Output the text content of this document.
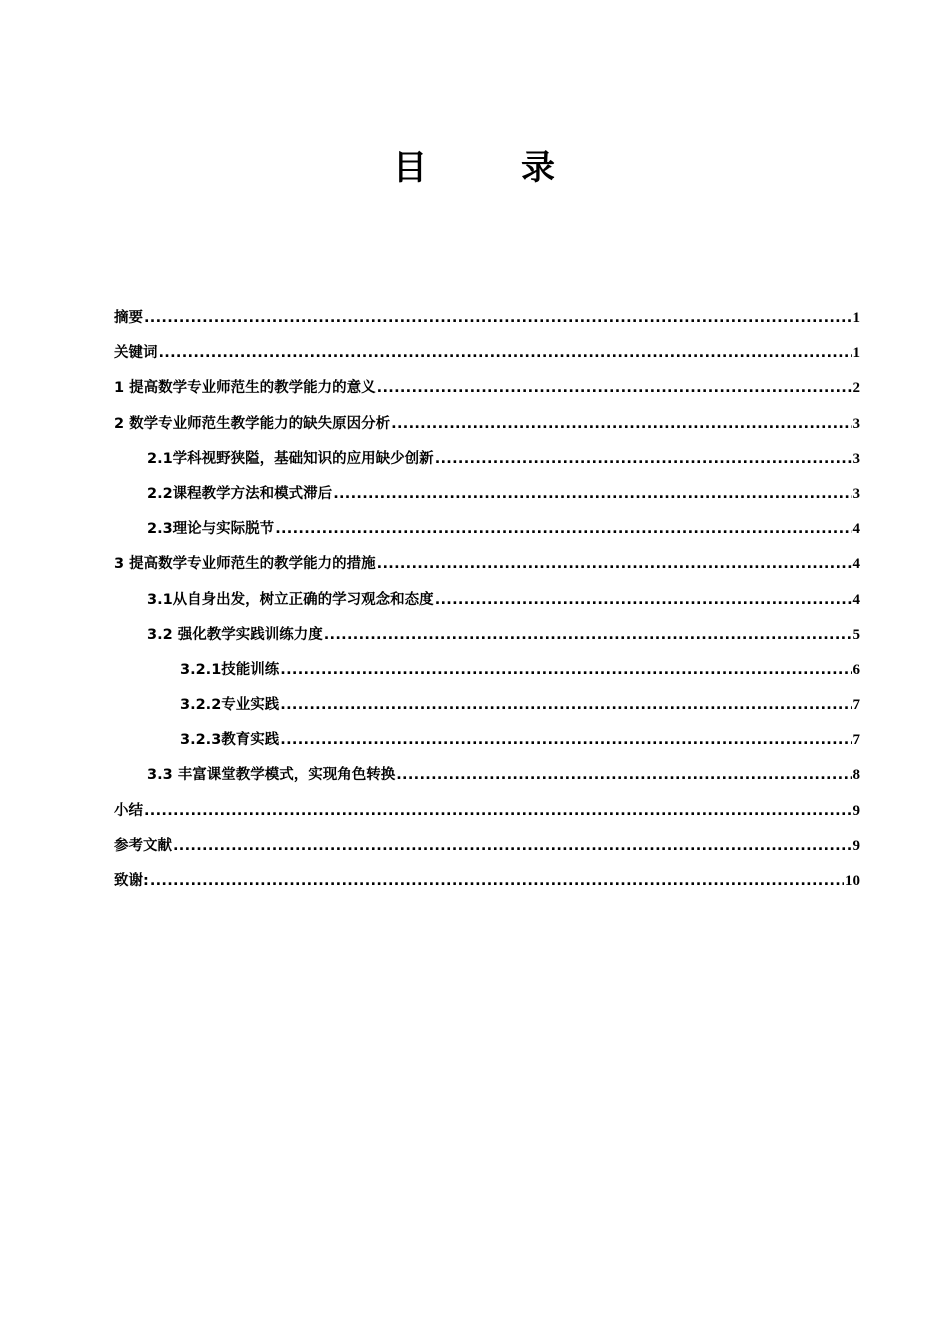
目　录
摘要 .....	1
关键词 .....	1
1 提高数学专业师范生的教学能力的意义 .....	2
2 数学专业师范生教学能力的缺失原因分析 .....	3
2.1学科视野狭隘，基础知识的应用缺少创新 .....	3
2.2课程教学方法和模式滞后 .....	3
2.3理论与实际脱节 .....	4
3 提高数学专业师范生的教学能力的措施 .....	4
3.1从自身出发，树立正确的学习观念和态度 .....	4
3.2 强化教学实践训练力度 .....	5
3.2.1技能训练 .....	6
3.2.2专业实践 .....	7
3.2.3教育实践 .....	7
3.3 丰富课堂教学模式，实现角色转换 .....	8
小结 .....	9
参考文献 .....	9
致谢: .....	10
